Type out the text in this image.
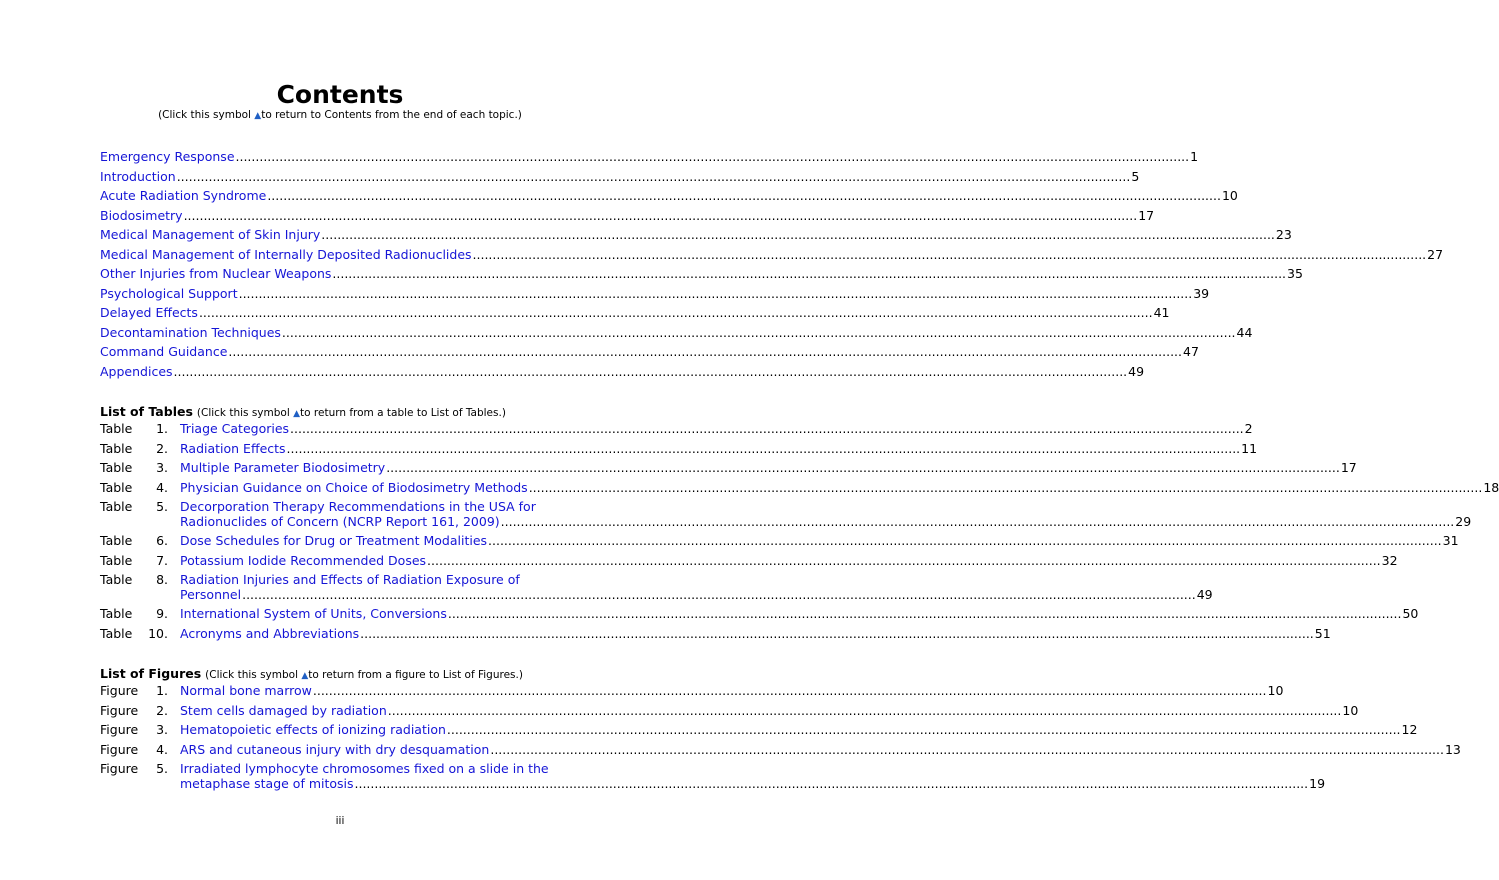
Contents
(Click this symbol ▲to return to Contents from the end of each topic.)
Emergency Response .....	1
Introduction .....	5
Acute Radiation Syndrome .....	10
Biodosimetry .....	17
Medical Management of Skin Injury .....	23
Medical Management of Internally Deposited Radionuclides .....	27
Other Injuries from Nuclear Weapons .....	35
Psychological Support .....	39
Delayed Effects .....	41
Decontamination Techniques .....	44
Command Guidance .....	47
Appendices .....	49
List of Tables (Click this symbol ▲to return from a table to List of Tables.)
Table	1. Triage Categories .....	2
Table	2. Radiation Effects .....	11
Table	3. Multiple Parameter Biodosimetry .....	17
Table	4. Physician Guidance on Choice of Biodosimetry Methods .....	18
Table	5. Decorporation Therapy Recommendations in the USA for
Radionuclides of Concern (NCRP Report 161, 2009) .....	29
Table	6. Dose Schedules for Drug or Treatment Modalities .....	31
Table	7. Potassium Iodide Recommended Doses .....	32
Table	8. Radiation Injuries and Effects of Radiation Exposure of
Personnel .....	49
Table	9. International System of Units, Conversions .....	50
Table	10. Acronyms and Abbreviations .....	51
List of Figures (Click this symbol ▲to return from a figure to List of Figures.)
Figure	1. Normal bone marrow .....	10
Figure	2. Stem cells damaged by radiation .....	10
Figure	3. Hematopoietic effects of ionizing radiation .....	12
Figure	4. ARS and cutaneous injury with dry desquamation .....	13
Figure	5. Irradiated lymphocyte chromosomes fixed on a slide in the
metaphase stage of mitosis .....	19
iii
